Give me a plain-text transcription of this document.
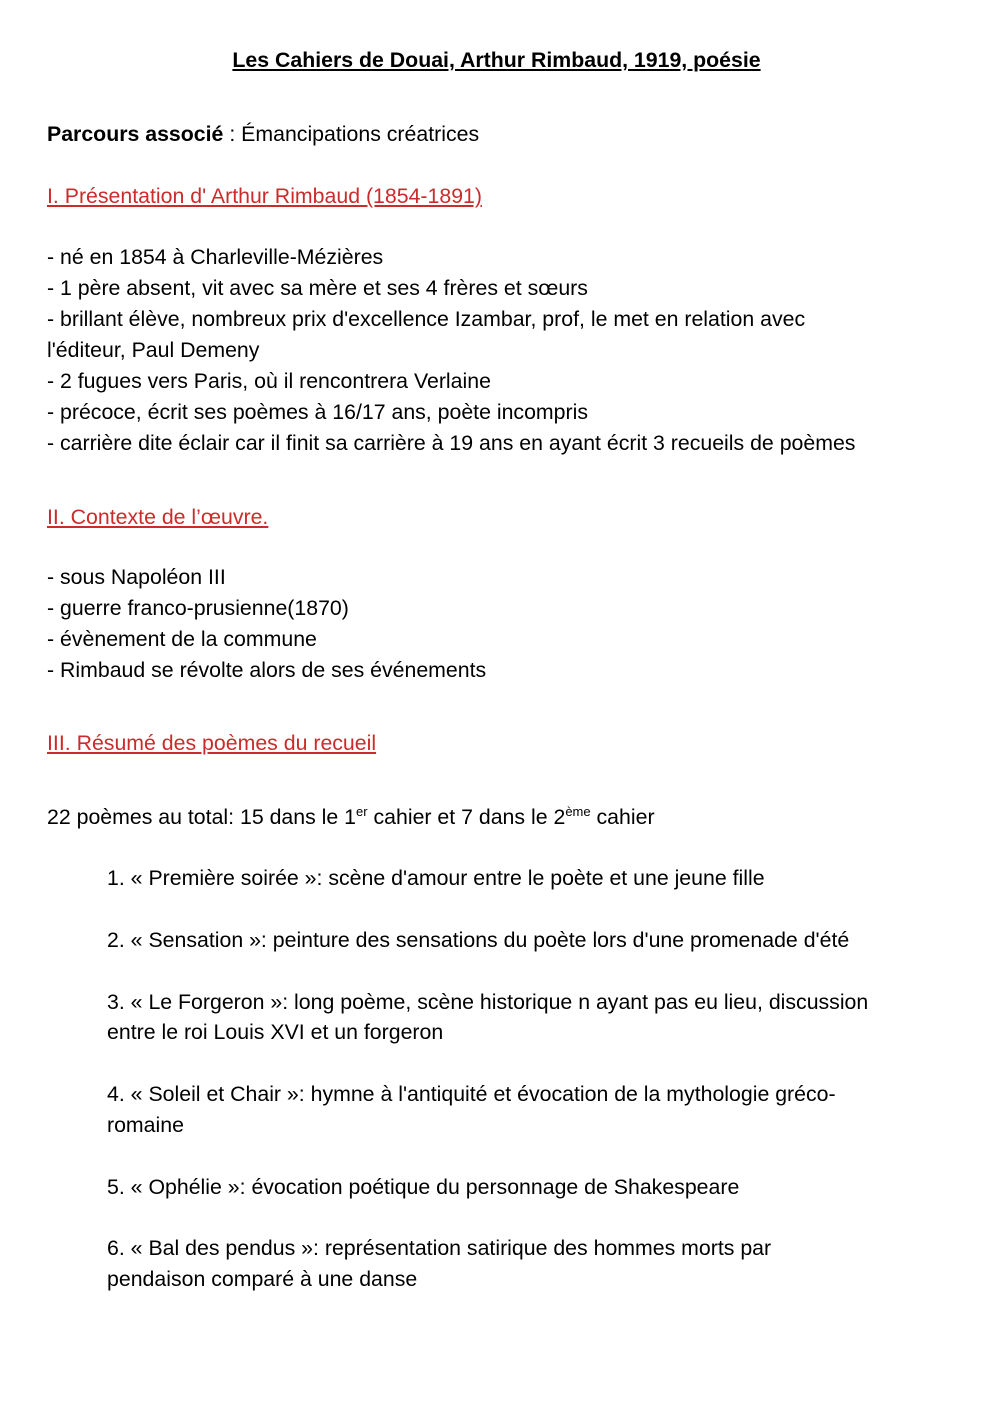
Les Cahiers de Douai, Arthur Rimbaud, 1919, poésie
Parcours associé : Émancipations créatrices
I. Présentation d' Arthur Rimbaud (1854-1891)
- né en 1854 à Charleville-Mézières
- 1 père absent, vit avec sa mère et ses 4 frères et sœurs
- brillant élève, nombreux prix d'excellence Izambar, prof, le met en relation avec
l'éditeur, Paul Demeny
- 2 fugues vers Paris, où il rencontrera Verlaine
- précoce, écrit ses poèmes à 16/17 ans, poète incompris
- carrière dite éclair car il finit sa carrière à 19 ans en ayant écrit 3 recueils de poèmes
II. Contexte de l’œuvre.
- sous Napoléon III
- guerre franco-prusienne(1870)
- évènement de la commune
- Rimbaud se révolte alors de ses événements
III. Résumé des poèmes du recueil
22 poèmes au total: 15 dans le 1er cahier et 7 dans le 2ème cahier
1. « Première soirée »: scène d'amour entre le poète et une jeune fille
2. « Sensation »: peinture des sensations du poète lors d'une promenade d'été
3. « Le Forgeron »: long poème, scène historique n ayant pas eu lieu, discussion
entre le roi Louis XVI et un forgeron
4. « Soleil et Chair »: hymne à l'antiquité et évocation de la mythologie gréco-
romaine
5. « Ophélie »: évocation poétique du personnage de Shakespeare
6. « Bal des pendus »: représentation satirique des hommes morts par
pendaison comparé à une danse
